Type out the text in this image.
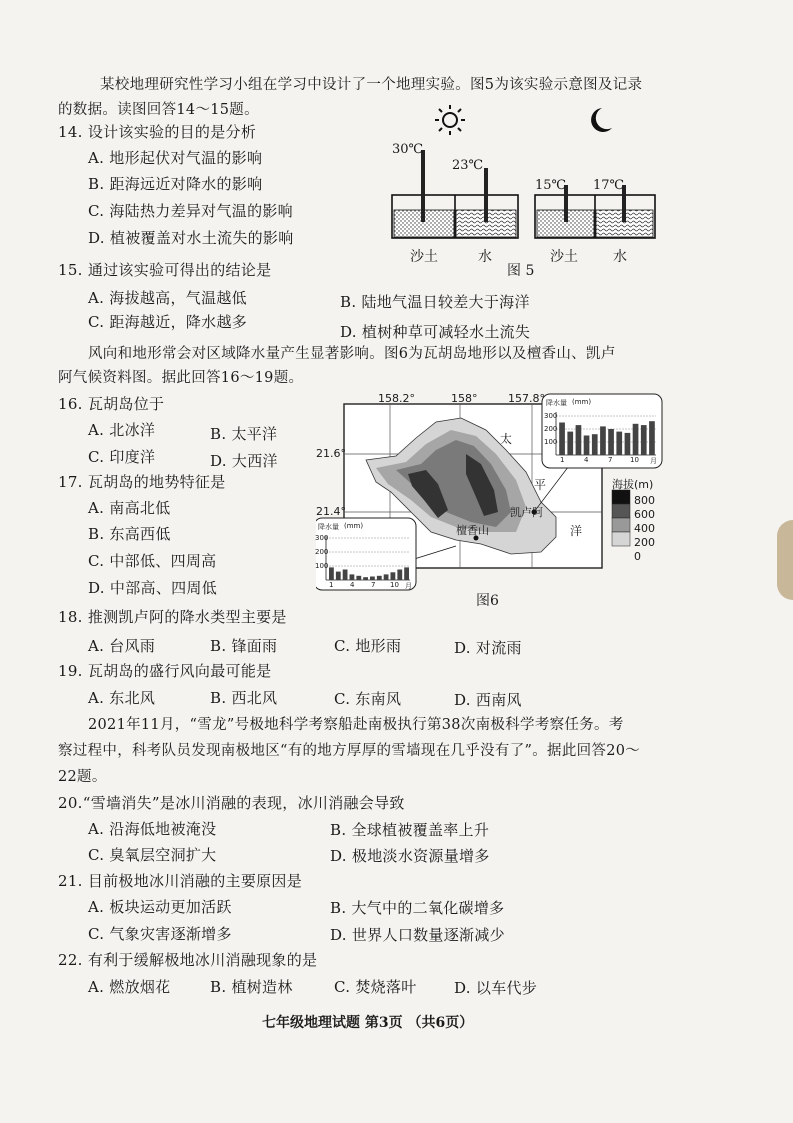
某校地理研究性学习小组在学习中设计了一个地理实验。图5为该实验示意图及记录
的数据。读图回答14～15题。
14. 设计该实验的目的是分析
A. 地形起伏对气温的影响
B. 距海远近对降水的影响
C. 海陆热力差异对气温的影响
D. 植被覆盖对水土流失的影响
30℃
23℃
15℃ 17℃
沙土	水
图 5
沙土	水
15. 通过该实验可得出的结论是
A. 海拔越高，气温越低	B. 陆地气温日较差大于海洋
C. 距海越近，降水越多
D. 植树种草可减轻水土流失
风向和地形常会对区域降水量产生显著影响。图6为瓦胡岛地形以及檀香山、凯卢
阿气候资料图。据此回答16～19题。
16. 瓦胡岛位于
A. 北冰洋	B. 太平洋
C. 印度洋	D. 大西洋
158.2°	158°	157.8°
21.6°
21.4°
太
平
洋
凯卢阿
檀香山
降水量 (mm)
300
200
100
1	4	7	10 月
降水量 (mm)
300
200
100
1 4 7 10 月
海拔(m)
800
600
400
200
0
图6
17. 瓦胡岛的地势特征是
A. 南高北低
B. 东高西低
C. 中部低、四周高
D. 中部高、四周低
18. 推测凯卢阿的降水类型主要是
A. 台风雨	B. 锋面雨	C. 地形雨	D. 对流雨
19. 瓦胡岛的盛行风向最可能是
A. 东北风	B. 西北风	C. 东南风	D. 西南风
2021年11月，“雪龙”号极地科学考察船赴南极执行第38次南极科学考察任务。考
察过程中，科考队员发现南极地区“有的地方厚厚的雪墙现在几乎没有了”。据此回答20～
22题。
20.“雪墙消失”是冰川消融的表现，冰川消融会导致
A. 沿海低地被淹没	B. 全球植被覆盖率上升
C. 臭氧层空洞扩大	D. 极地淡水资源量增多
21. 目前极地冰川消融的主要原因是
A. 板块运动更加活跃	B. 大气中的二氧化碳增多
C. 气象灾害逐渐增多	D. 世界人口数量逐渐减少
22. 有利于缓解极地冰川消融现象的是
A. 燃放烟花	B. 植树造林	C. 焚烧落叶 D. 以车代步
七年级地理试题 第3页 （共6页）
